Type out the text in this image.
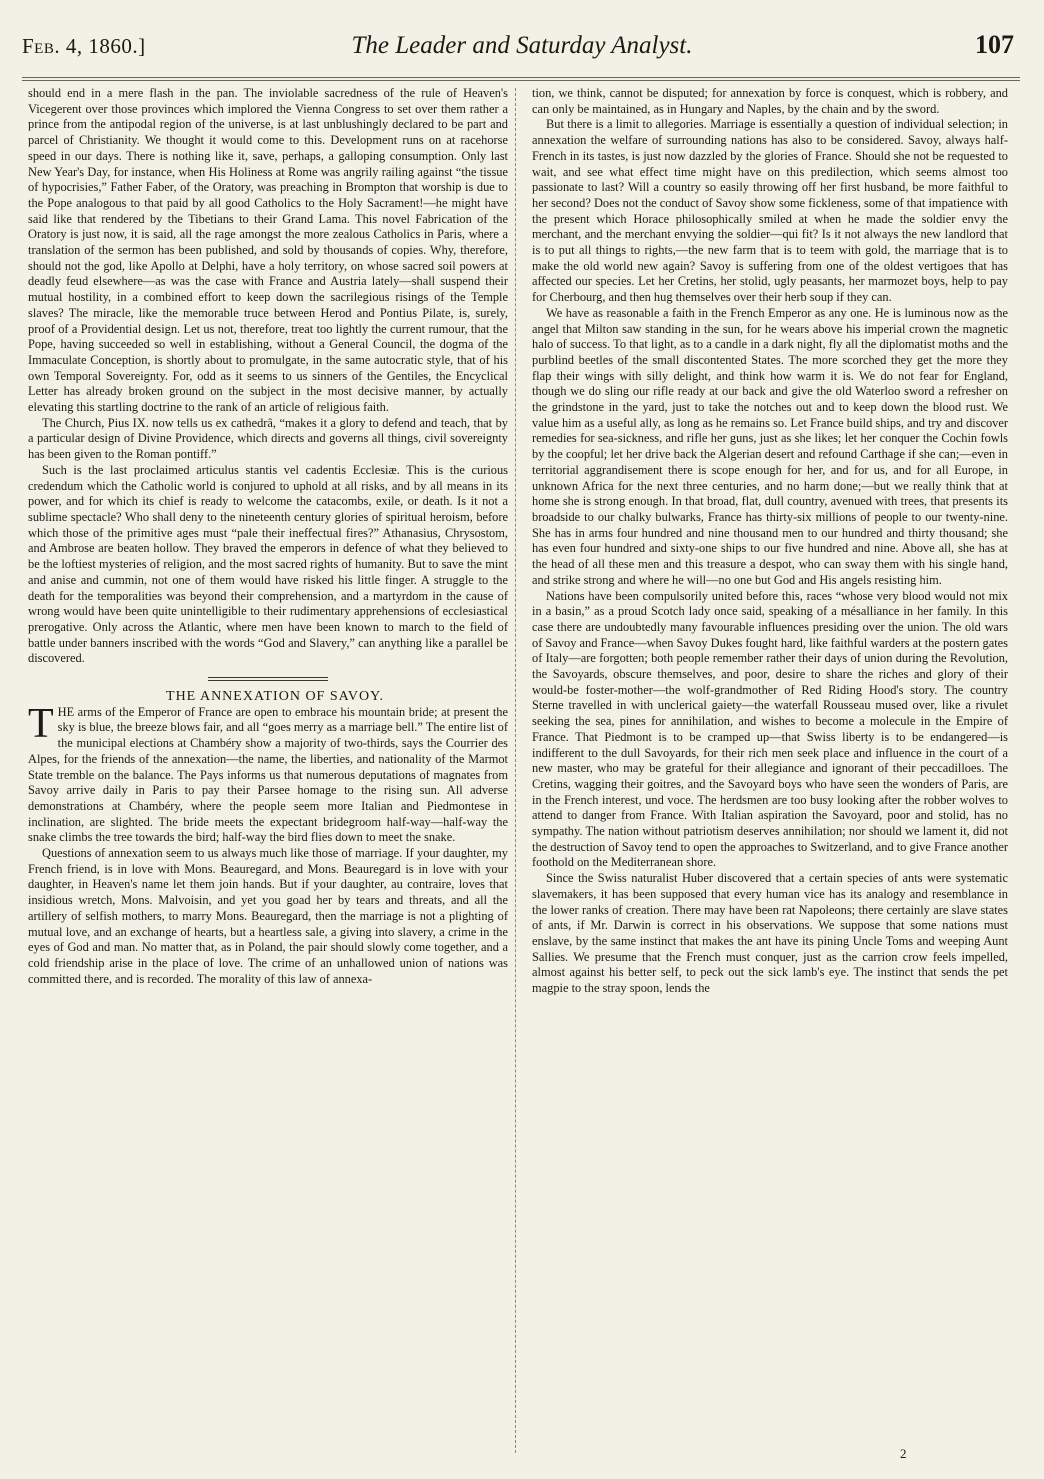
Feb. 4, 1860.]	The Leader and Saturday Analyst.	107

should end in a mere flash in the pan. The inviolable sacredness of the rule of Heaven's Vicegerent over those provinces which implored the Vienna Congress to set over them rather a prince from the antipodal region of the universe, is at last unblushingly declared to be part and parcel of Christianity. We thought it would come to this. Development runs on at racehorse speed in our days. There is nothing like it, save, perhaps, a galloping consumption. Only last New Year's Day, for instance, when His Holiness at Rome was angrily railing against “the tissue of hypocrisies,” Father Faber, of the Oratory, was preaching in Brompton that worship is due to the Pope analogous to that paid by all good Catholics to the Holy Sacrament!—he might have said like that rendered by the Tibetians to their Grand Lama. This novel Fabrication of the Oratory is just now, it is said, all the rage amongst the more zealous Catholics in Paris, where a translation of the sermon has been published, and sold by thousands of copies. Why, therefore, should not the god, like Apollo at Delphi, have a holy territory, on whose sacred soil powers at deadly feud elsewhere—as was the case with France and Austria lately—shall suspend their mutual hostility, in a combined effort to keep down the sacrilegious risings of the Temple slaves? The miracle, like the memorable truce between Herod and Pontius Pilate, is, surely, proof of a Providential design. Let us not, therefore, treat too lightly the current rumour, that the Pope, having succeeded so well in establishing, without a General Council, the dogma of the Immaculate Conception, is shortly about to promulgate, in the same autocratic style, that of his own Temporal Sovereignty. For, odd as it seems to us sinners of the Gentiles, the Encyclical Letter has already broken ground on the subject in the most decisive manner, by actually elevating this startling doctrine to the rank of an article of religious faith.

The Church, Pius IX. now tells us ex cathedrâ, “makes it a glory to defend and teach, that by a particular design of Divine Providence, which directs and governs all things, civil sovereignty has been given to the Roman pontiff.”

Such is the last proclaimed articulus stantis vel cadentis Ecclesiæ. This is the curious credendum which the Catholic world is conjured to uphold at all risks, and by all means in its power, and for which its chief is ready to welcome the catacombs, exile, or death. Is it not a sublime spectacle? Who shall deny to the nineteenth century glories of spiritual heroism, before which those of the primitive ages must “pale their ineffectual fires?” Athanasius, Chrysostom, and Ambrose are beaten hollow. They braved the emperors in defence of what they believed to be the loftiest mysteries of religion, and the most sacred rights of humanity. But to save the mint and anise and cummin, not one of them would have risked his little finger. A struggle to the death for the temporalities was beyond their comprehension, and a martyrdom in the cause of wrong would have been quite unintelligible to their rudimentary apprehensions of ecclesiastical prerogative. Only across the Atlantic, where men have been known to march to the field of battle under banners inscribed with the words “God and Slavery,” can anything like a parallel be discovered.

THE ANNEXATION OF SAVOY.

THE arms of the Emperor of France are open to embrace his mountain bride; at present the sky is blue, the breeze blows fair, and all “goes merry as a marriage bell.” The entire list of the municipal elections at Chambéry show a majority of two-thirds, says the Courrier des Alpes, for the friends of the annexation—the name, the liberties, and nationality of the Marmot State tremble on the balance. The Pays informs us that numerous deputations of magnates from Savoy arrive daily in Paris to pay their Parsee homage to the rising sun. All adverse demonstrations at Chambéry, where the people seem more Italian and Piedmontese in inclination, are slighted. The bride meets the expectant bridegroom half-way—half-way the snake climbs the tree towards the bird; half-way the bird flies down to meet the snake.

Questions of annexation seem to us always much like those of marriage. If your daughter, my French friend, is in love with Mons. Beauregard, and Mons. Beauregard is in love with your daughter, in Heaven's name let them join hands. But if your daughter, au contraire, loves that insidious wretch, Mons. Malvoisin, and yet you goad her by tears and threats, and all the artillery of selfish mothers, to marry Mons. Beauregard, then the marriage is not a plighting of mutual love, and an exchange of hearts, but a heartless sale, a giving into slavery, a crime in the eyes of God and man. No matter that, as in Poland, the pair should slowly come together, and a cold friendship arise in the place of love. The crime of an unhallowed union of nations was committed there, and is recorded. The morality of this law of annexa-

tion, we think, cannot be disputed; for annexation by force is conquest, which is robbery, and can only be maintained, as in Hungary and Naples, by the chain and by the sword.

But there is a limit to allegories. Marriage is essentially a question of individual selection; in annexation the welfare of surrounding nations has also to be considered. Savoy, always half-French in its tastes, is just now dazzled by the glories of France. Should she not be requested to wait, and see what effect time might have on this predilection, which seems almost too passionate to last? Will a country so easily throwing off her first husband, be more faithful to her second? Does not the conduct of Savoy show some fickleness, some of that impatience with the present which Horace philosophically smiled at when he made the soldier envy the merchant, and the merchant envying the soldier—qui fit? Is it not always the new landlord that is to put all things to rights,—the new farm that is to teem with gold, the marriage that is to make the old world new again? Savoy is suffering from one of the oldest vertigoes that has affected our species. Let her Cretins, her stolid, ugly peasants, her marmozet boys, help to pay for Cherbourg, and then hug themselves over their herb soup if they can.

We have as reasonable a faith in the French Emperor as any one. He is luminous now as the angel that Milton saw standing in the sun, for he wears above his imperial crown the magnetic halo of success. To that light, as to a candle in a dark night, fly all the diplomatist moths and the purblind beetles of the small discontented States. The more scorched they get the more they flap their wings with silly delight, and think how warm it is. We do not fear for England, though we do sling our rifle ready at our back and give the old Waterloo sword a refresher on the grindstone in the yard, just to take the notches out and to keep down the blood rust. We value him as a useful ally, as long as he remains so. Let France build ships, and try and discover remedies for sea-sickness, and rifle her guns, just as she likes; let her conquer the Cochin fowls by the coopful; let her drive back the Algerian desert and refound Carthage if she can;—even in territorial aggrandisement there is scope enough for her, and for us, and for all Europe, in unknown Africa for the next three centuries, and no harm done;—but we really think that at home she is strong enough. In that broad, flat, dull country, avenued with trees, that presents its broadside to our chalky bulwarks, France has thirty-six millions of people to our twenty-nine. She has in arms four hundred and nine thousand men to our hundred and thirty thousand; she has even four hundred and sixty-one ships to our five hundred and nine. Above all, she has at the head of all these men and this treasure a despot, who can sway them with his single hand, and strike strong and where he will—no one but God and His angels resisting him.

Nations have been compulsorily united before this, races “whose very blood would not mix in a basin,” as a proud Scotch lady once said, speaking of a mésalliance in her family. In this case there are undoubtedly many favourable influences presiding over the union. The old wars of Savoy and France—when Savoy Dukes fought hard, like faithful warders at the postern gates of Italy—are forgotten; both people remember rather their days of union during the Revolution, the Savoyards, obscure themselves, and poor, desire to share the riches and glory of their would-be foster-mother—the wolf-grandmother of Red Riding Hood's story. The country Sterne travelled in with unclerical gaiety—the waterfall Rousseau mused over, like a rivulet seeking the sea, pines for annihilation, and wishes to become a molecule in the Empire of France. That Piedmont is to be cramped up—that Swiss liberty is to be endangered—is indifferent to the dull Savoyards, for their rich men seek place and influence in the court of a new master, who may be grateful for their allegiance and ignorant of their peccadilloes. The Cretins, wagging their goitres, and the Savoyard boys who have seen the wonders of Paris, are in the French interest, und voce. The herdsmen are too busy looking after the robber wolves to attend to danger from France. With Italian aspiration the Savoyard, poor and stolid, has no sympathy. The nation without patriotism deserves annihilation; nor should we lament it, did not the destruction of Savoy tend to open the approaches to Switzerland, and to give France another foothold on the Mediterranean shore.

Since the Swiss naturalist Huber discovered that a certain species of ants were systematic slavemakers, it has been supposed that every human vice has its analogy and resemblance in the lower ranks of creation. There may have been rat Napoleons; there certainly are slave states of ants, if Mr. Darwin is correct in his observations. We suppose that some nations must enslave, by the same instinct that makes the ant have its pining Uncle Toms and weeping Aunt Sallies. We presume that the French must conquer, just as the carrion crow feels impelled, almost against his better self, to peck out the sick lamb's eye. The instinct that sends the pet magpie to the stray spoon, lends the

2
